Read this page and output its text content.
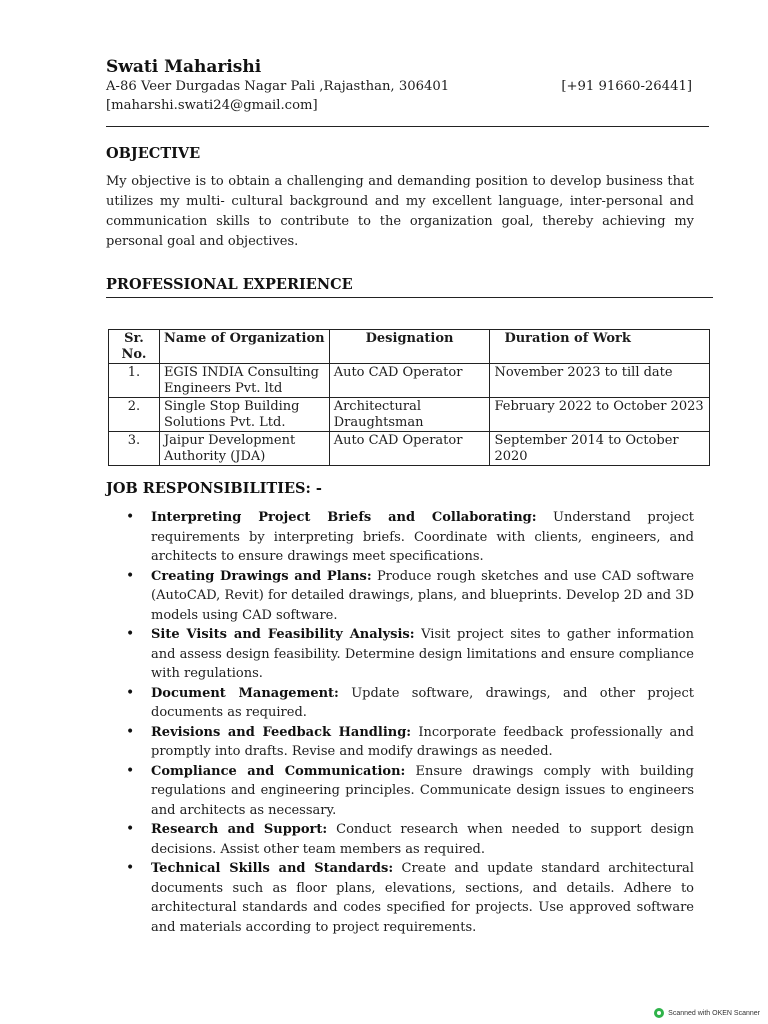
Swati Maharishi
A-86 Veer Durgadas Nagar Pali ,Rajasthan, 306401	[+91 91660-26441]
[maharshi.swati24@gmail.com]
OBJECTIVE
My objective is to obtain a challenging and demanding position to develop business that utilizes my multi- cultural background and my excellent language, inter-personal and communication skills to contribute to the organization goal, thereby achieving my personal goal and objectives.
PROFESSIONAL EXPERIENCE
Sr. No.	Name of Organization	Designation	Duration of Work
1.	EGIS INDIA Consulting Engineers Pvt. ltd	Auto CAD Operator	November 2023 to till date
2.	Single Stop Building Solutions Pvt. Ltd.	Architectural Draughtsman	February 2022 to October 2023
3.	Jaipur Development Authority (JDA)	Auto CAD Operator	September 2014 to October 2020
JOB RESPONSIBILITIES: -
• Interpreting Project Briefs and Collaborating: Understand project requirements by interpreting briefs. Coordinate with clients, engineers, and architects to ensure drawings meet specifications.
• Creating Drawings and Plans: Produce rough sketches and use CAD software (AutoCAD, Revit) for detailed drawings, plans, and blueprints. Develop 2D and 3D models using CAD software.
• Site Visits and Feasibility Analysis: Visit project sites to gather information and assess design feasibility. Determine design limitations and ensure compliance with regulations.
• Document Management: Update software, drawings, and other project documents as required.
• Revisions and Feedback Handling: Incorporate feedback professionally and promptly into drafts. Revise and modify drawings as needed.
• Compliance and Communication: Ensure drawings comply with building regulations and engineering principles. Communicate design issues to engineers and architects as necessary.
• Research and Support: Conduct research when needed to support design decisions. Assist other team members as required.
• Technical Skills and Standards: Create and update standard architectural documents such as floor plans, elevations, sections, and details. Adhere to architectural standards and codes specified for projects. Use approved software and materials according to project requirements.
Scanned with OKEN Scanner
